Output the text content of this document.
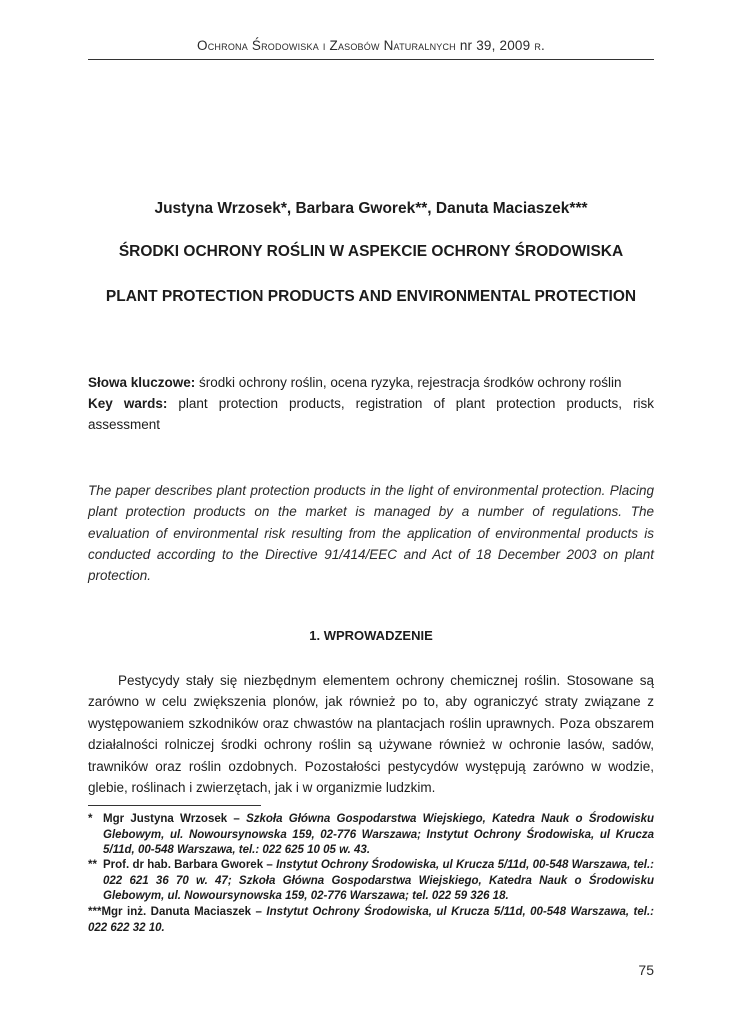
Ochrona Środowiska i Zasobów Naturalnych nr 39, 2009 r.
Justyna Wrzosek*, Barbara Gworek**, Danuta Maciaszek***
ŚRODKI OCHRONY ROŚLIN W ASPEKCIE OCHRONY ŚRODOWISKA
PLANT PROTECTION PRODUCTS AND ENVIRONMENTAL PROTECTION
Słowa kluczowe: środki ochrony roślin, ocena ryzyka, rejestracja środków ochrony roślin
Key wards: plant protection products, registration of plant protection products, risk assessment
The paper describes plant protection products in the light of environmental protection. Placing plant protection products on the market is managed by a number of regulations. The evaluation of environmental risk resulting from the application of environmental products is conducted according to the Directive 91/414/EEC and Act of 18 December 2003 on plant protection.
1. WPROWADZENIE
Pestycydy stały się niezbędnym elementem ochrony chemicznej roślin. Stosowane są zarówno w celu zwiększenia plonów, jak również po to, aby ograniczyć straty związane z występowaniem szkodników oraz chwastów na plantacjach roślin uprawnych. Poza obszarem działalności rolniczej środki ochrony roślin są używane również w ochronie lasów, sadów, trawników oraz roślin ozdobnych. Pozostałości pestycydów występują zarówno w wodzie, glebie, roślinach i zwierzętach, jak i w organizmie ludzkim.
* Mgr Justyna Wrzosek – Szkoła Główna Gospodarstwa Wiejskiego, Katedra Nauk o Środowisku Glebowym, ul. Nowoursynowska 159, 02-776 Warszawa; Instytut Ochrony Środowiska, ul Krucza 5/11d, 00-548 Warszawa, tel.: 022 625 10 05 w. 43.
** Prof. dr hab. Barbara Gworek – Instytut Ochrony Środowiska, ul Krucza 5/11d, 00-548 Warszawa, tel.: 022 621 36 70 w. 47; Szkoła Główna Gospodarstwa Wiejskiego, Katedra Nauk o Środowisku Glebowym, ul. Nowoursynowska 159, 02-776 Warszawa; tel. 022 59 326 18.
***Mgr inż. Danuta Maciaszek – Instytut Ochrony Środowiska, ul Krucza 5/11d, 00-548 Warszawa, tel.: 022 622 32 10.
75
